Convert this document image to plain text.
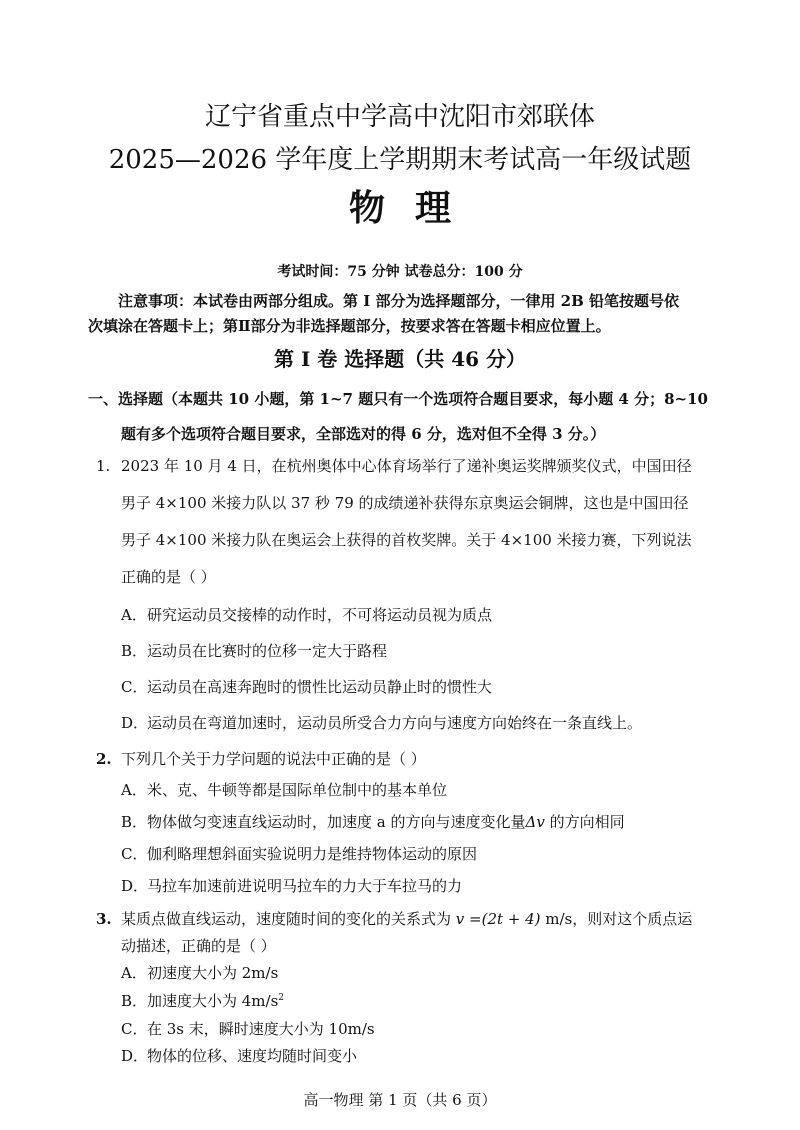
辽宁省重点中学高中沈阳市郊联体
2025—2026 学年度上学期期末考试高一年级试题
物理
考试时间：75 分钟 试卷总分：100 分
注意事项：本试卷由两部分组成。第 I 部分为选择题部分，一律用 2B 铅笔按题号依
次填涂在答题卡上；第Ⅱ部分为非选择题部分，按要求答在答题卡相应位置上。
第 I 卷 选择题（共 46 分）
一、选择题（本题共 10 小题，第 1~7 题只有一个选项符合题目要求，每小题 4 分；8~10
题有多个选项符合题目要求，全部选对的得 6 分，选对但不全得 3 分。）
1. 2023 年 10 月 4 日，在杭州奥体中心体育场举行了递补奥运奖牌颁奖仪式，中国田径
男子 4×100 米接力队以 37 秒 79 的成绩递补获得东京奥运会铜牌，这也是中国田径
男子 4×100 米接力队在奥运会上获得的首枚奖牌。关于 4×100 米接力赛，下列说法
正确的是（ ）
A．研究运动员交接棒的动作时，不可将运动员视为质点
B．运动员在比赛时的位移一定大于路程
C．运动员在高速奔跑时的惯性比运动员静止时的惯性大
D．运动员在弯道加速时，运动员所受合力方向与速度方向始终在一条直线上。
2. 下列几个关于力学问题的说法中正确的是（ ）
A．米、克、牛顿等都是国际单位制中的基本单位
B．物体做匀变速直线运动时，加速度 a 的方向与速度变化量Δv 的方向相同
C．伽利略理想斜面实验说明力是维持物体运动的原因
D．马拉车加速前进说明马拉车的力大于车拉马的力
3. 某质点做直线运动，速度随时间的变化的关系式为 v =(2t + 4) m/s，则对这个质点运
动描述，正确的是（ ）
A．初速度大小为 2m/s
B．加速度大小为 $4m/s^2$
C．在 3s 末，瞬时速度大小为 10m/s
D．物体的位移、速度均随时间变小
高一物理 第 1 页（共 6 页）
